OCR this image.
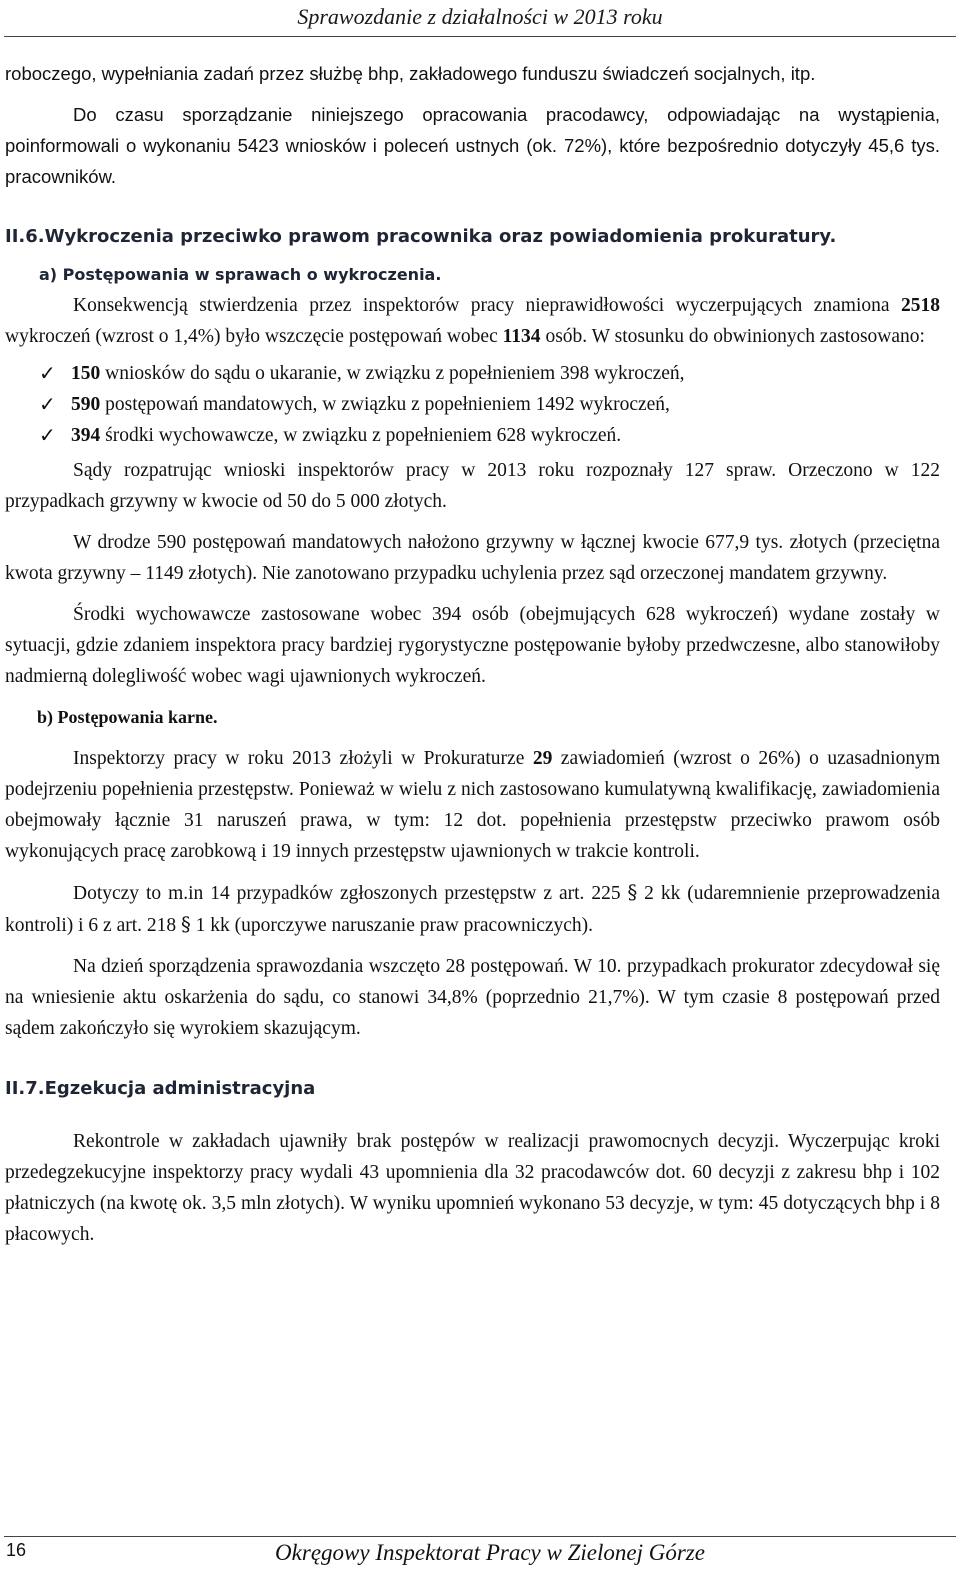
Sprawozdanie z działalności w 2013 roku

roboczego, wypełniania zadań przez służbę bhp, zakładowego funduszu świadczeń socjalnych, itp.

Do czasu sporządzanie niniejszego opracowania pracodawcy, odpowiadając na wystąpienia, poinformowali o wykonaniu 5423 wniosków i poleceń ustnych (ok. 72%), które bezpośrednio dotyczyły 45,6 tys. pracowników.

II.6.Wykroczenia przeciwko prawom pracownika oraz powiadomienia prokuratury.
a) Postępowania w sprawach o wykroczenia.

Konsekwencją stwierdzenia przez inspektorów pracy nieprawidłowości wyczerpujących znamiona 2518 wykroczeń (wzrost o 1,4%) było wszczęcie postępowań wobec 1134 osób. W stosunku do obwinionych zastosowano:

✓ 150 wniosków do sądu o ukaranie, w związku z popełnieniem 398 wykroczeń,
✓ 590 postępowań mandatowych, w związku z popełnieniem 1492 wykroczeń,
✓ 394 środki wychowawcze, w związku z popełnieniem 628 wykroczeń.

Sądy rozpatrując wnioski inspektorów pracy w 2013 roku rozpoznały 127 spraw. Orzeczono w 122 przypadkach grzywny w kwocie od 50 do 5 000 złotych.

W drodze 590 postępowań mandatowych nałożono grzywny w łącznej kwocie 677,9 tys. złotych (przeciętna kwota grzywny – 1149 złotych). Nie zanotowano przypadku uchylenia przez sąd orzeczonej mandatem grzywny.

Środki wychowawcze zastosowane wobec 394 osób (obejmujących 628 wykroczeń) wydane zostały w sytuacji, gdzie zdaniem inspektora pracy bardziej rygorystyczne postępowanie byłoby przedwczesne, albo stanowiłoby nadmierną dolegliwość wobec wagi ujawnionych wykroczeń.

b) Postępowania karne.

Inspektorzy pracy w roku 2013 złożyli w Prokuraturze 29 zawiadomień (wzrost o 26%) o uzasadnionym podejrzeniu popełnienia przestępstw. Ponieważ w wielu z nich zastosowano kumulatywną kwalifikację, zawiadomienia obejmowały łącznie 31 naruszeń prawa, w tym: 12 dot. popełnienia przestępstw przeciwko prawom osób wykonujących pracę zarobkową i 19 innych przestępstw ujawnionych w trakcie kontroli.

Dotyczy to m.in 14 przypadków zgłoszonych przestępstw z art. 225 § 2 kk (udaremnienie przeprowadzenia kontroli) i 6 z art. 218 § 1 kk (uporczywe naruszanie praw pracowniczych).

Na dzień sporządzenia sprawozdania wszczęto 28 postępowań. W 10. przypadkach prokurator zdecydował się na wniesienie aktu oskarżenia do sądu, co stanowi 34,8% (poprzednio 21,7%). W tym czasie 8 postępowań przed sądem zakończyło się wyrokiem skazującym.

II.7.Egzekucja administracyjna

Rekontrole w zakładach ujawniły brak postępów w realizacji prawomocnych decyzji. Wyczerpując kroki przedegzekucyjne inspektorzy pracy wydali 43 upomnienia dla 32 pracodawców dot. 60 decyzji z zakresu bhp i 102 płatniczych (na kwotę ok. 3,5 mln złotych). W wyniku upomnień wykonano 53 decyzje, w tym: 45 dotyczących bhp i 8 płacowych.

16	Okręgowy Inspektorat Pracy w Zielonej Górze
